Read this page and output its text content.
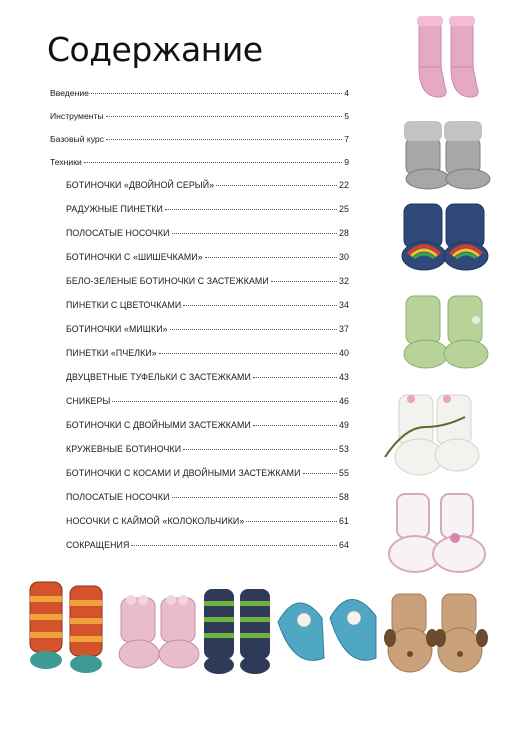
Содержание
Введение	4
Инструменты	5
Базовый курс	7
Техники	9
БОТИНОЧКИ «ДВОЙНОЙ СЕРЫЙ»	22
РАДУЖНЫЕ ПИНЕТКИ	25
ПОЛОСАТЫЕ НОСОЧКИ	28
БОТИНОЧКИ С «ШИШЕЧКАМИ»	30
БЕЛО-ЗЕЛЕНЫЕ БОТИНОЧКИ С ЗАСТЕЖКАМИ	32
ПИНЕТКИ С ЦВЕТОЧКАМИ	34
БОТИНОЧКИ «МИШКИ»	37
ПИНЕТКИ «ПЧЕЛКИ»	40
ДВУЦВЕТНЫЕ ТУФЕЛЬКИ С ЗАСТЕЖКАМИ	43
СНИКЕРЫ	46
БОТИНОЧКИ С ДВОЙНЫМИ ЗАСТЕЖКАМИ	49
КРУЖЕВНЫЕ БОТИНОЧКИ	53
БОТИНОЧКИ С КОСАМИ И ДВОЙНЫМИ ЗАСТЕЖКАМИ	55
ПОЛОСАТЫЕ НОСОЧКИ	58
НОСОЧКИ С КАЙМОЙ «КОЛОКОЛЬЧИКИ»	61
СОКРАЩЕНИЯ	64
